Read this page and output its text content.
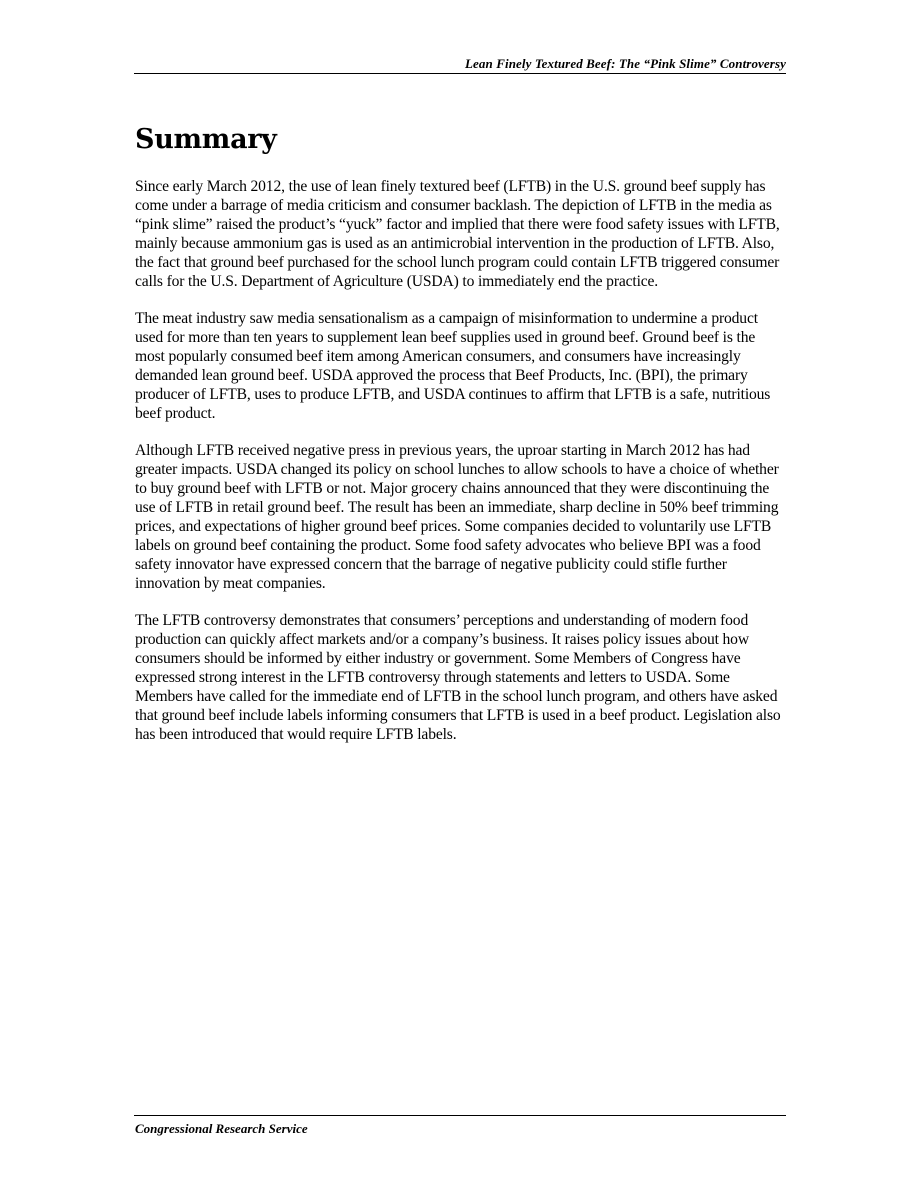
Lean Finely Textured Beef: The “Pink Slime” Controversy
Summary

Since early March 2012, the use of lean finely textured beef (LFTB) in the U.S. ground beef supply has come under a barrage of media criticism and consumer backlash. The depiction of LFTB in the media as “pink slime” raised the product’s “yuck” factor and implied that there were food safety issues with LFTB, mainly because ammonium gas is used as an antimicrobial intervention in the production of LFTB. Also, the fact that ground beef purchased for the school lunch program could contain LFTB triggered consumer calls for the U.S. Department of Agriculture (USDA) to immediately end the practice.

The meat industry saw media sensationalism as a campaign of misinformation to undermine a product used for more than ten years to supplement lean beef supplies used in ground beef. Ground beef is the most popularly consumed beef item among American consumers, and consumers have increasingly demanded lean ground beef. USDA approved the process that Beef Products, Inc. (BPI), the primary producer of LFTB, uses to produce LFTB, and USDA continues to affirm that LFTB is a safe, nutritious beef product.

Although LFTB received negative press in previous years, the uproar starting in March 2012 has had greater impacts. USDA changed its policy on school lunches to allow schools to have a choice of whether to buy ground beef with LFTB or not. Major grocery chains announced that they were discontinuing the use of LFTB in retail ground beef. The result has been an immediate, sharp decline in 50% beef trimming prices, and expectations of higher ground beef prices. Some companies decided to voluntarily use LFTB labels on ground beef containing the product. Some food safety advocates who believe BPI was a food safety innovator have expressed concern that the barrage of negative publicity could stifle further innovation by meat companies.

The LFTB controversy demonstrates that consumers’ perceptions and understanding of modern food production can quickly affect markets and/or a company’s business. It raises policy issues about how consumers should be informed by either industry or government. Some Members of Congress have expressed strong interest in the LFTB controversy through statements and letters to USDA. Some Members have called for the immediate end of LFTB in the school lunch program, and others have asked that ground beef include labels informing consumers that LFTB is used in a beef product. Legislation also has been introduced that would require LFTB labels.

Congressional Research Service
